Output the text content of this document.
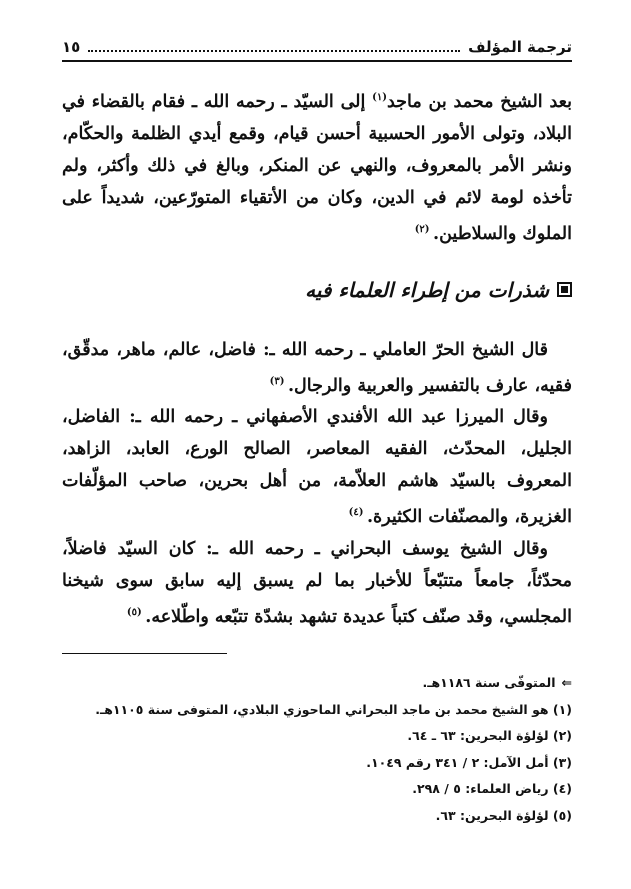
ترجمة المؤلف
١٥

بعد الشيخ محمد بن ماجد$^{(١)}$ إلى السيّد ـ رحمه الله ـ فقام بالقضاء في البلاد، وتولى الأمور الحسبية أحسن قيام، وقمع أيدي الظلمة والحكّام، ونشر الأمر بالمعروف، والنهي عن المنكر، وبالغ في ذلك وأكثر، ولم تأخذه لومة لائم في الدين، وكان من الأتقياء المتورّعين، شديداً على الملوك والسلاطين. $^{(٢)}$

شذرات من إطراء العلماء فيه

قال الشيخ الحرّ العاملي ـ رحمه الله ـ: فاضل، عالم، ماهر، مدقّق، فقيه، عارف بالتفسير والعربية والرجال. $^{(٣)}$

وقال الميرزا عبد الله الأفندي الأصفهاني ـ رحمه الله ـ: الفاضل، الجليل، المحدّث، الفقيه المعاصر، الصالح الورع، العابد، الزاهد، المعروف بالسيّد هاشم العلاّمة، من أهل بحرين، صاحب المؤلّفات الغزيرة، والمصنّفات الكثيرة. $^{(٤)}$

وقال الشيخ يوسف البحراني ـ رحمه الله ـ: كان السيّد فاضلاً، محدّثاً، جامعاً متتبّعاً للأخبار بما لم يسبق إليه سابق سوى شيخنا المجلسي، وقد صنّف كتباً عديدة تشهد بشدّة تتبّعه واطّلاعه. $^{(٥)}$

⇐المتوفّى سنة ١١٨٦هـ.
(١) هو الشيخ محمد بن ماجد البحراني الماحوزي البلادي، المتوفى سنة ١١٠٥هـ.
(٢) لؤلؤة البحرين: ٦٣ ـ ٦٤.
(٣) أمل الآمل: ٢ / ٣٤١ رقم ١٠٤٩.
(٤) رياض العلماء: ٥ / ٢٩٨.
(٥) لؤلؤة البحرين: ٦٣.
